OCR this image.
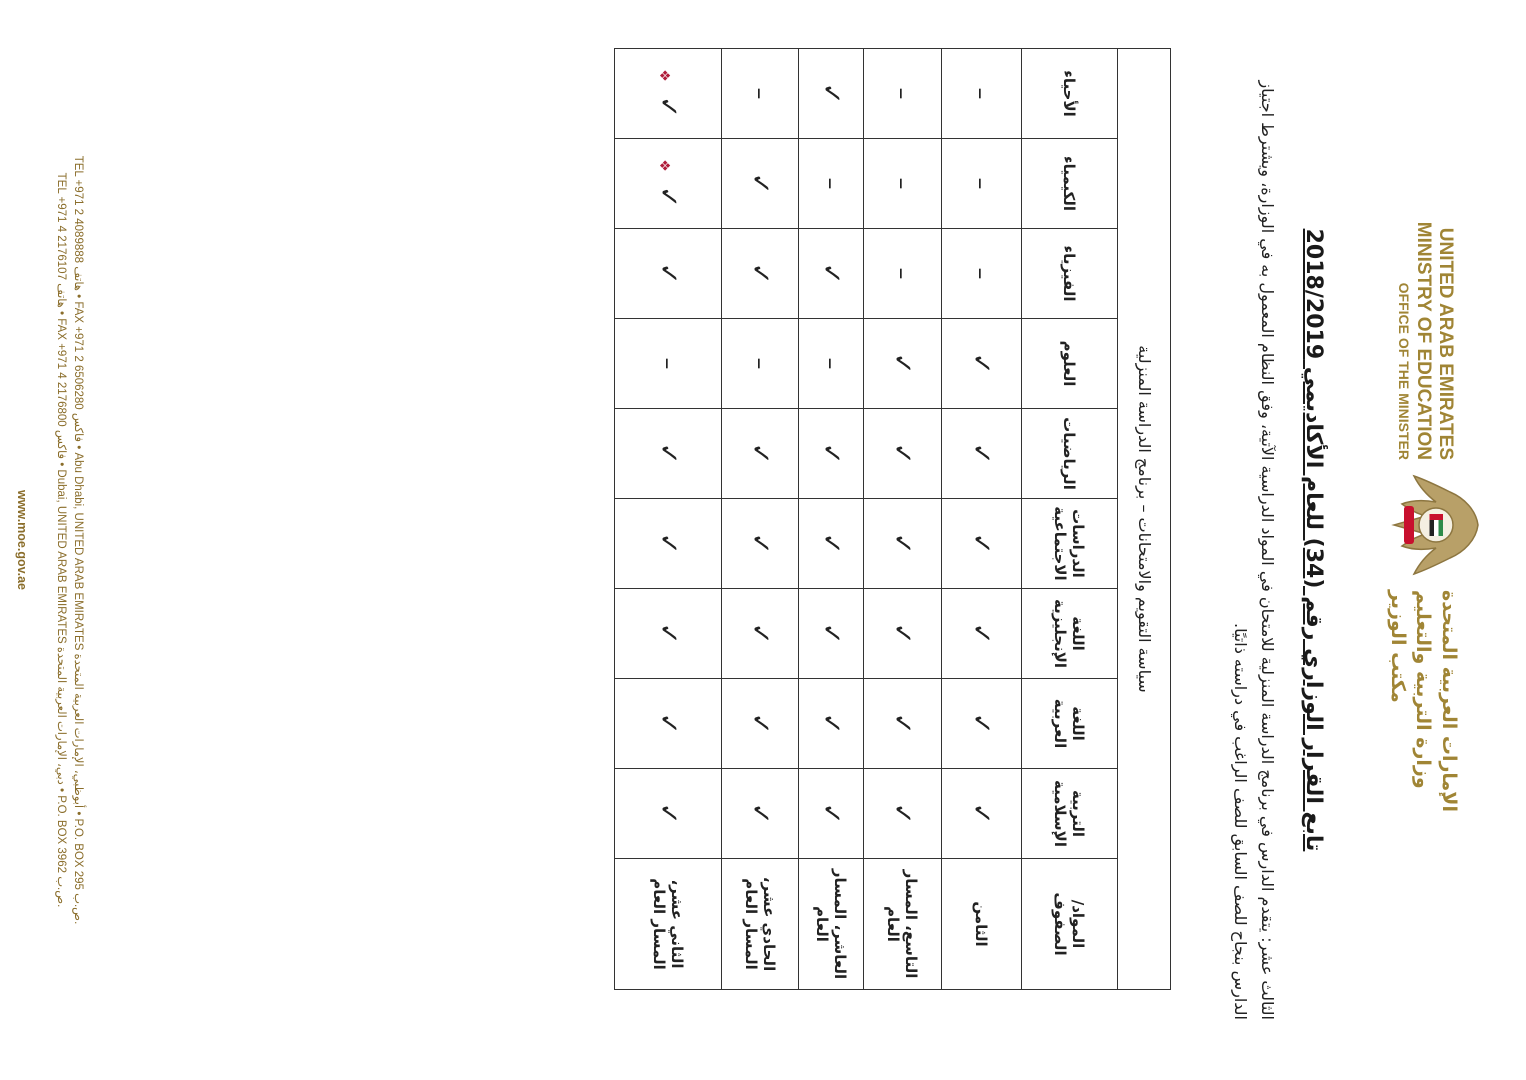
UNITED ARAB EMIRATES
MINISTRY OF EDUCATION
OFFICE OF THE MINISTER
الإمارات العربية المتحدة
وزارة التربية والتعليم
مكتب الوزير
تابع القرار الوزاري رقم (34) للعام الأكاديمي 2018/2019
الثالث عشر: يتقدم الدارس في برنامج الدراسة المنزلية للامتحان في المواد الدراسية الآتية، وفق النظام المعمول به في الوزارة، ويشترط اجتياز الدارس بنجاح للصف السابق للصف الراغب في دراسته ذاتيًا.
سياسة التقويم والامتحانات – برنامج الدراسة المنزلية
المواد/
الصفوف	التربية الإسلامية	اللغة العربية	اللغة الإنجليزية	الدراسات الاجتماعية	الرياضيات	العلوم	الفيزياء	الكيمياء	الأحياء
الثامن	✓	✓	✓	✓	✓	✓	–	–	–
التاسع، المسار العام	✓	✓	✓	✓	✓	✓	–	–	–
العاشر، المسار العام	✓	✓	✓	✓	✓	–	✓	–	✓
الحادي عشر، المسار العام	✓	✓	✓	✓	✓	–	✓	✓	–
الثاني عشر، المسار العام	✓	✓	✓	✓	✓	–	✓	✓ ❖	✓ ❖
TEL +971 2 4089888 هاتف • FAX +971 2 6506280 فاكس • Abu Dhabi, UNITED ARAB EMIRATES أبوظبي، الإمارات العربية المتحدة • P.O. BOX 295 ص.ب.
TEL +971 4 2176107 هاتف • FAX +971 4 2176800 فاكس • Dubai, UNITED ARAB EMIRATES دبي، الإمارات العربية المتحدة • P.O. BOX 3962 ص.ب.
www.moe.gov.ae
